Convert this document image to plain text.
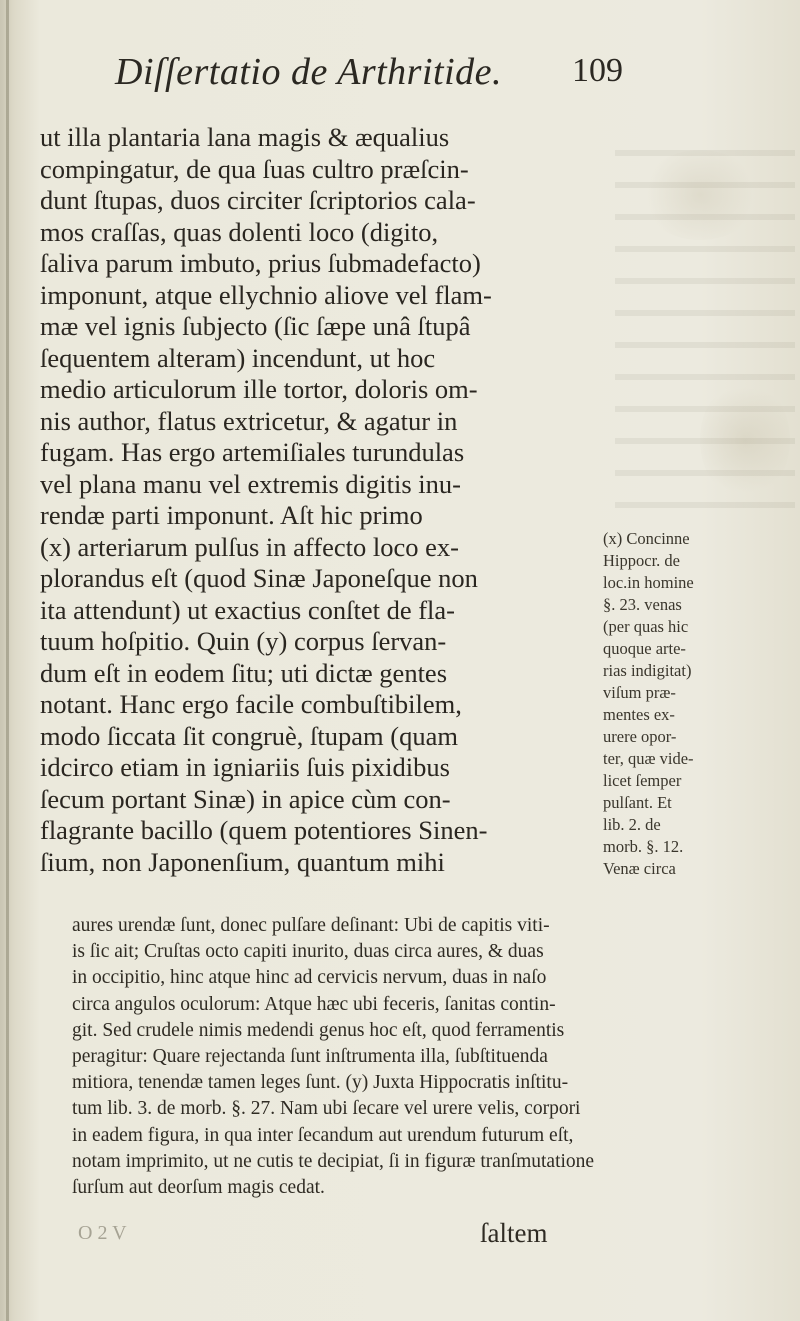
Diſſertatio de Arthritide. 109
ut illa plantaria lana magis & æqualius
compingatur, de qua ſuas cultro præſcin-
dunt ſtupas, duos circiter ſcriptorios cala-
mos craſſas, quas dolenti loco (digito,
ſaliva parum imbuto, prius ſubmadefacto)
imponunt, atque ellychnio aliove vel flam-
mæ vel ignis ſubjecto (ſic ſæpe unâ ſtupâ
ſequentem alteram) incendunt, ut hoc
medio articulorum ille tortor, doloris om-
nis author, flatus extricetur, & agatur in
fugam. Has ergo artemiſiales turundulas
vel plana manu vel extremis digitis inu-
rendæ parti imponunt. Aſt hic primo
(x) arteriarum pulſus in affecto loco ex-
plorandus eſt (quod Sinæ Japoneſque non
ita attendunt) ut exactius conſtet de fla-
tuum hoſpitio. Quin (y) corpus ſervan-
dum eſt in eodem ſitu; uti dictæ gentes
notant. Hanc ergo facile combuſtibilem,
modo ſiccata ſit congruè, ſtupam (quam
idcirco etiam in igniariis ſuis pixidibus
ſecum portant Sinæ) in apice cùm con-
flagrante bacillo (quem potentiores Sinen-
ſium, non Japonenſium, quantum mihi
(x) Concinne
Hippocr. de
loc.in homine
§. 23. venas
(per quas hic
quoque arte-
rias indigitat)
viſum præ-
mentes ex-
urere opor-
ter, quæ vide-
licet ſemper
pulſant. Et
lib. 2. de
morb. §. 12.
Venæ circa
aures urendæ ſunt, donec pulſare deſinant: Ubi de capitis viti-
is ſic ait; Cruſtas octo capiti inurito, duas circa aures, & duas
in occipitio, hinc atque hinc ad cervicis nervum, duas in naſo
circa angulos oculorum: Atque hæc ubi feceris, ſanitas contin-
git. Sed crudele nimis medendi genus hoc eſt, quod ferramentis
peragitur: Quare rejectanda ſunt inſtrumenta illa, ſubſtituenda
mitiora, tenendæ tamen leges ſunt. (y) Juxta Hippocratis inſtitu-
tum lib. 3. de morb. §. 27. Nam ubi ſecare vel urere velis, corpori
in eadem figura, in qua inter ſecandum aut urendum futurum eſt,
notam imprimito, ut ne cutis te decipiat, ſi in figuræ tranſmutatione
ſurſum aut deorſum magis cedat.
O 2 V	ſaltem
